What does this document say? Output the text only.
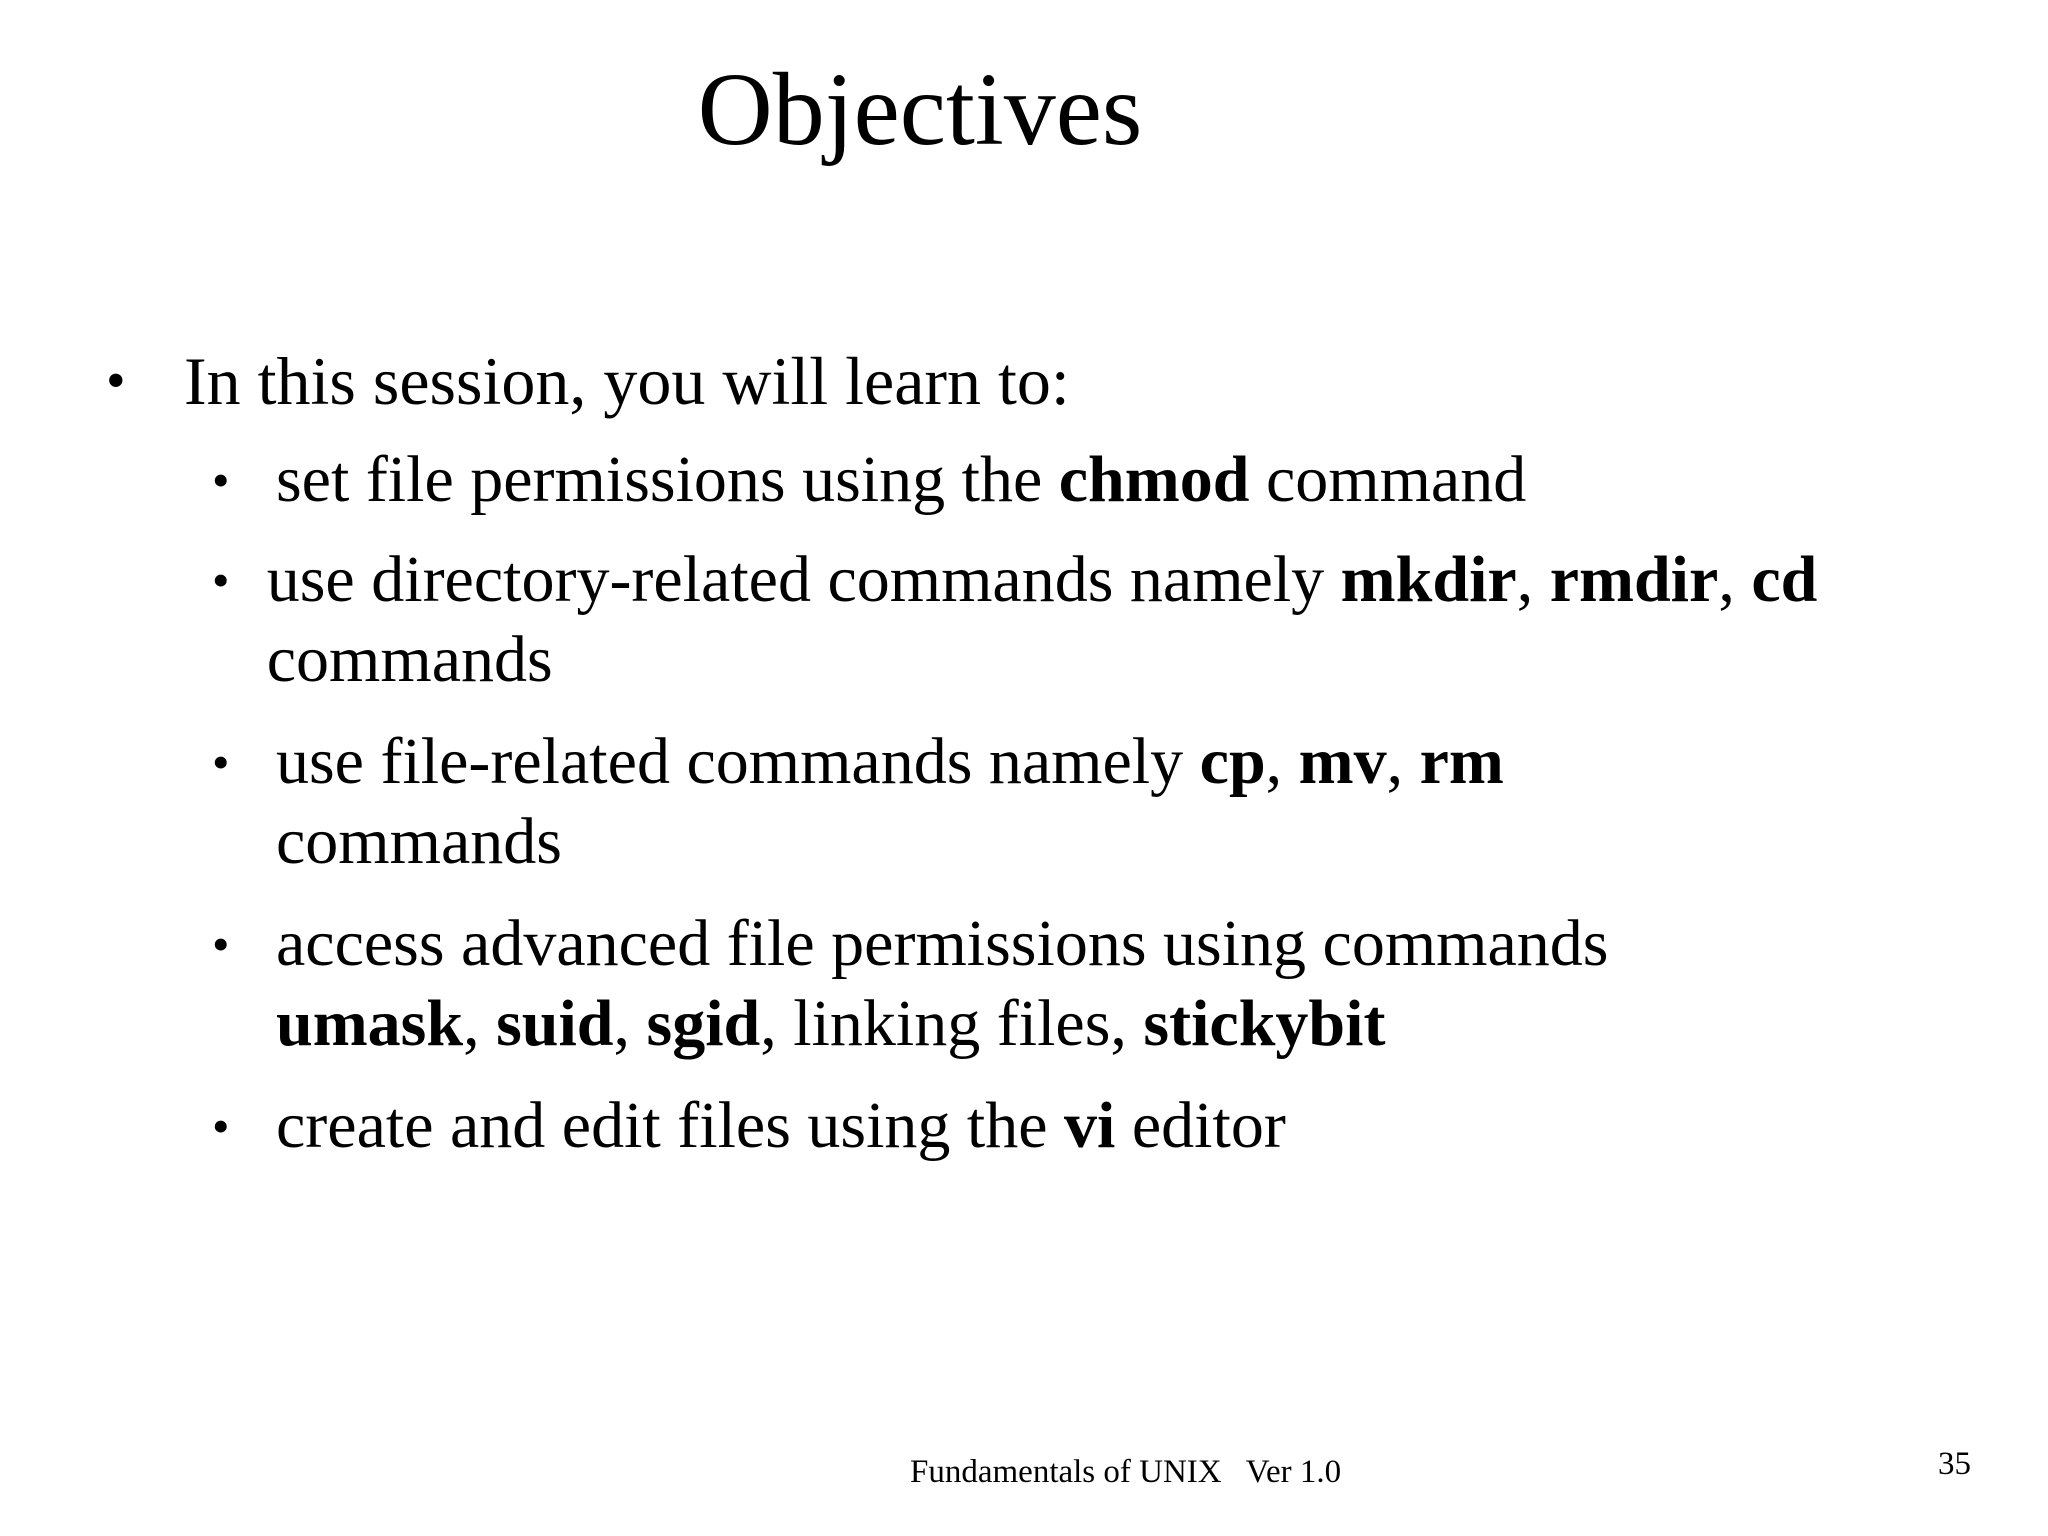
Objectives
• In this session, you will learn to:
• set file permissions using the chmod command
• use directory-related commands namely mkdir, rmdir, cd commands
• use file-related commands namely cp, mv, rm commands
• access advanced file permissions using commands umask, suid, sgid, linking files, stickybit
• create and edit files using the vi editor
Fundamentals of UNIX   Ver 1.0	35
